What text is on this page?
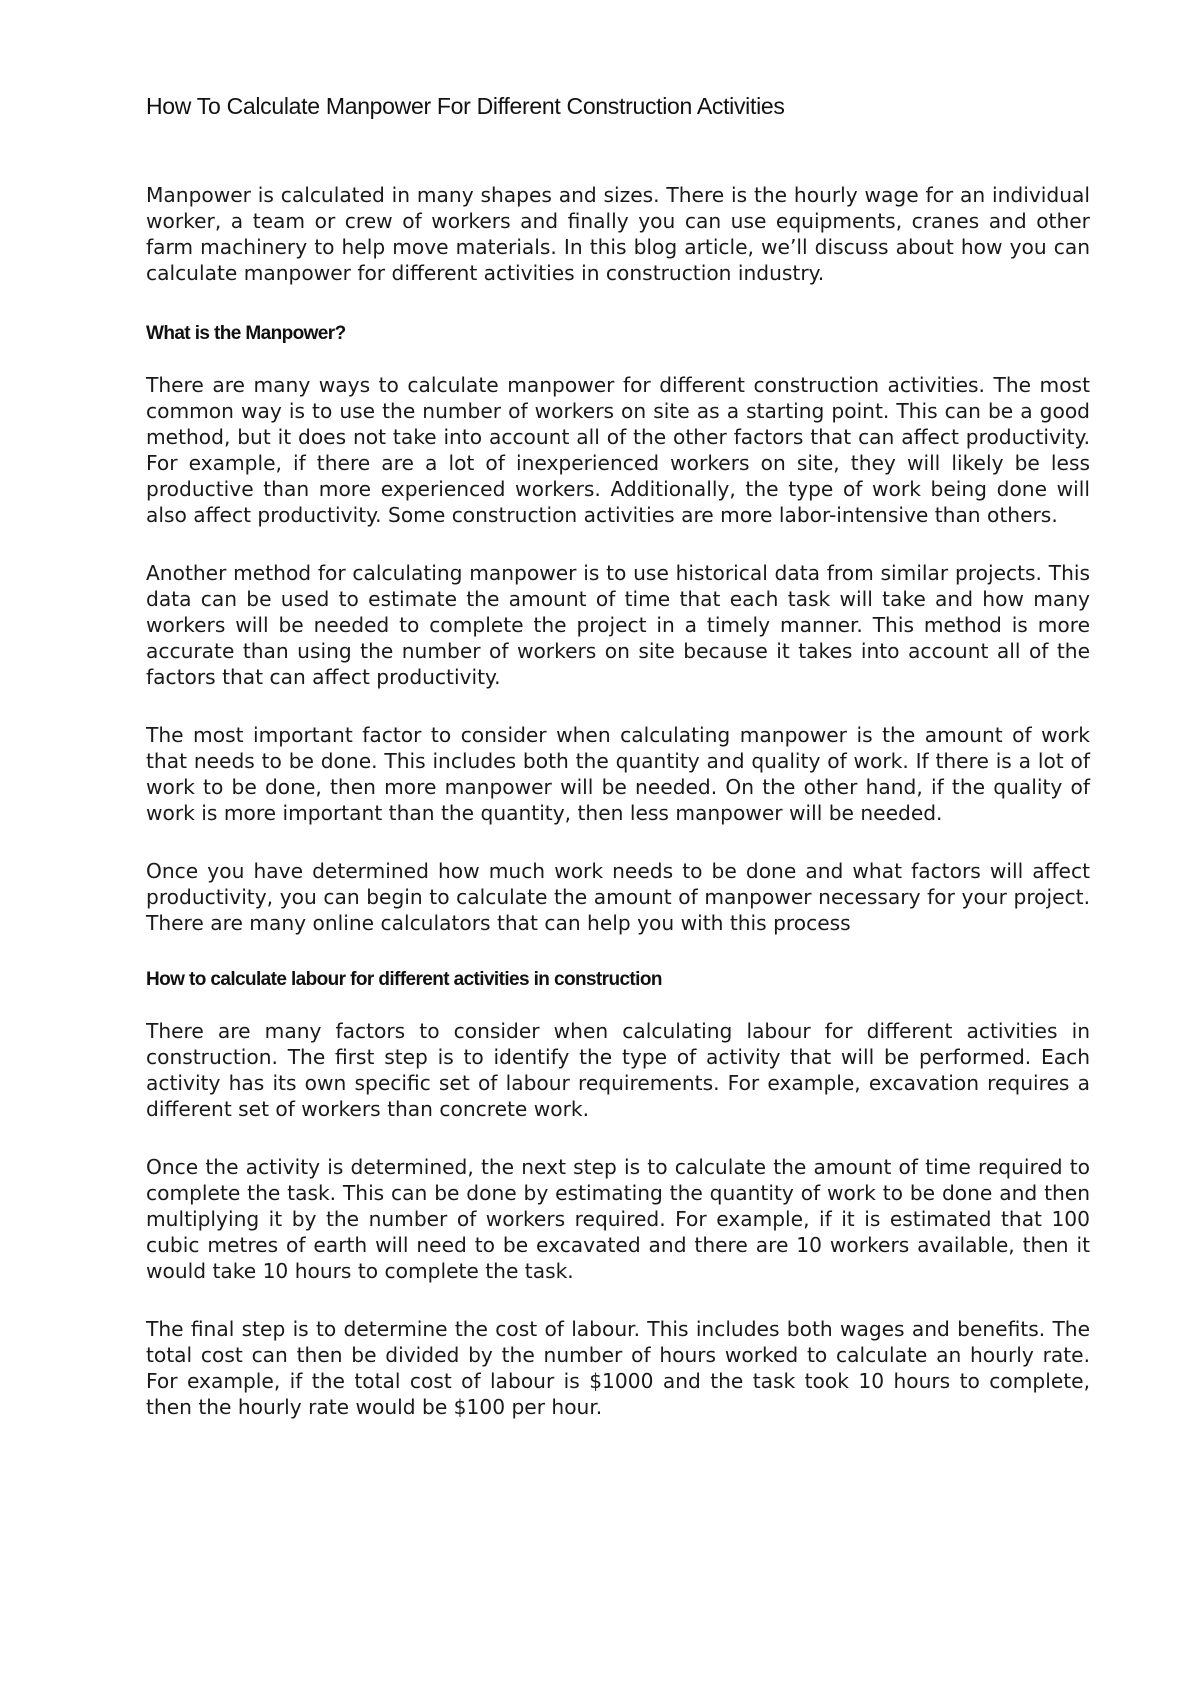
How To Calculate Manpower For Different Construction Activities

Manpower is calculated in many shapes and sizes. There is the hourly wage for an individual worker, a team or crew of workers and finally you can use equipments, cranes and other farm machinery to help move materials. In this blog article, we’ll discuss about how you can calculate manpower for different activities in construction industry.

What is the Manpower?

There are many ways to calculate manpower for different construction activities. The most common way is to use the number of workers on site as a starting point. This can be a good method, but it does not take into account all of the other factors that can affect productivity. For example, if there are a lot of inexperienced workers on site, they will likely be less productive than more experienced workers. Additionally, the type of work being done will also affect productivity. Some construction activities are more labor-intensive than others.

Another method for calculating manpower is to use historical data from similar projects. This data can be used to estimate the amount of time that each task will take and how many workers will be needed to complete the project in a timely manner. This method is more accurate than using the number of workers on site because it takes into account all of the factors that can affect productivity.

The most important factor to consider when calculating manpower is the amount of work that needs to be done. This includes both the quantity and quality of work. If there is a lot of work to be done, then more manpower will be needed. On the other hand, if the quality of work is more important than the quantity, then less manpower will be needed.

Once you have determined how much work needs to be done and what factors will affect productivity, you can begin to calculate the amount of manpower necessary for your project. There are many online calculators that can help you with this process

How to calculate labour for different activities in construction

There are many factors to consider when calculating labour for different activities in construction. The first step is to identify the type of activity that will be performed. Each activity has its own specific set of labour requirements. For example, excavation requires a different set of workers than concrete work.

Once the activity is determined, the next step is to calculate the amount of time required to complete the task. This can be done by estimating the quantity of work to be done and then multiplying it by the number of workers required. For example, if it is estimated that 100 cubic metres of earth will need to be excavated and there are 10 workers available, then it would take 10 hours to complete the task.

The final step is to determine the cost of labour. This includes both wages and benefits. The total cost can then be divided by the number of hours worked to calculate an hourly rate. For example, if the total cost of labour is $1000 and the task took 10 hours to complete, then the hourly rate would be $100 per hour.
